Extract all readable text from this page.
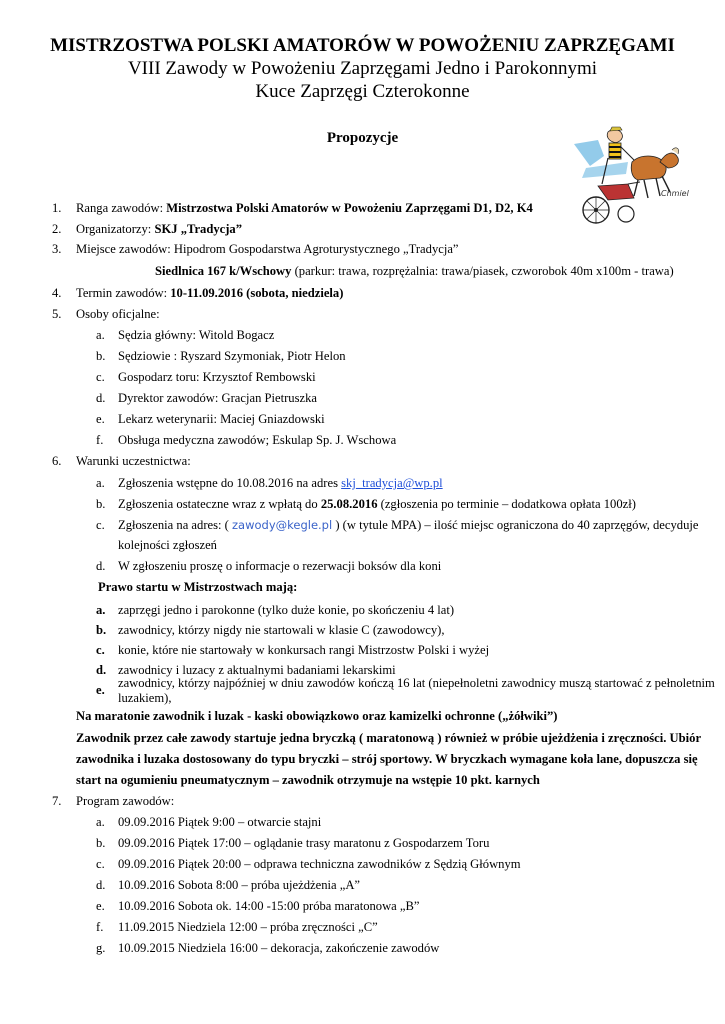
MISTRZOSTWA POLSKI AMATORÓW W POWOŻENIU ZAPRZĘGAMI
VIII Zawody w Powożeniu Zaprzęgami Jedno i Parokonnymi
Kuce Zaprzęgi Czterokonne
Propozycje
Chmiel
1. Ranga zawodów: Mistrzostwa Polski Amatorów w Powożeniu Zaprzęgami D1, D2, K4
2. Organizatorzy: SKJ „Tradycja”
3. Miejsce zawodów: Hipodrom Gospodarstwa Agroturystycznego „Tradycja”
Siedlnica 167 k/Wschowy (parkur: trawa, rozprężalnia: trawa/piasek, czworobok 40m x100m - trawa)
4. Termin zawodów: 10-11.09.2016 (sobota, niedziela)
5. Osoby oficjalne:
a. Sędzia główny: Witold Bogacz
b. Sędziowie : Ryszard Szymoniak, Piotr Helon
c. Gospodarz toru: Krzysztof Rembowski
d. Dyrektor zawodów: Gracjan Pietruszka
e. Lekarz weterynarii: Maciej Gniazdowski
f. Obsługa medyczna zawodów; Eskulap Sp. J. Wschowa
6. Warunki uczestnictwa:
a. Zgłoszenia wstępne do 10.08.2016 na adres skj_tradycja@wp.pl
b. Zgłoszenia ostateczne wraz z wpłatą do 25.08.2016 (zgłoszenia po terminie – dodatkowa opłata 100zł)
c. Zgłoszenia na adres: ( zawody@kegle.pl ) (w tytule MPA) – ilość miejsc ograniczona do 40 zaprzęgów, decyduje
kolejności zgłoszeń
d. W zgłoszeniu proszę o informacje o rezerwacji boksów dla koni
Prawo startu w Mistrzostwach mają:
a. zaprzęgi jedno i parokonne (tylko duże konie, po skończeniu 4 lat)
b. zawodnicy, którzy nigdy nie startowali w klasie C (zawodowcy),
c. konie, które nie startowały w konkursach rangi Mistrzostw Polski i wyżej
d. zawodnicy i luzacy z aktualnymi badaniami lekarskimi
e. zawodnicy, którzy najpóźniej w dniu zawodów kończą 16 lat (niepełnoletni zawodnicy muszą startować z pełnoletnim
luzakiem),
Na maratonie zawodnik i luzak - kaski obowiązkowo oraz kamizelki ochronne („żółwiki”)
Zawodnik przez całe zawody startuje jedna bryczką ( maratonową ) również w próbie ujeżdżenia i zręczności. Ubiór
zawodnika i luzaka dostosowany do typu bryczki – strój sportowy. W bryczkach wymagane koła lane, dopuszcza się
start na ogumieniu pneumatycznym – zawodnik otrzymuje na wstępie 10 pkt. karnych
7. Program zawodów:
a. 09.09.2016 Piątek 9:00 – otwarcie stajni
b. 09.09.2016 Piątek 17:00 – oglądanie trasy maratonu z Gospodarzem Toru
c. 09.09.2016 Piątek 20:00 – odprawa techniczna zawodników z Sędzią Głównym
d. 10.09.2016 Sobota 8:00 – próba ujeżdżenia „A”
e. 10.09.2016 Sobota ok. 14:00 -15:00 próba maratonowa „B”
f. 11.09.2015 Niedziela 12:00 – próba zręczności „C”
g. 10.09.2015 Niedziela 16:00 – dekoracja, zakończenie zawodów
